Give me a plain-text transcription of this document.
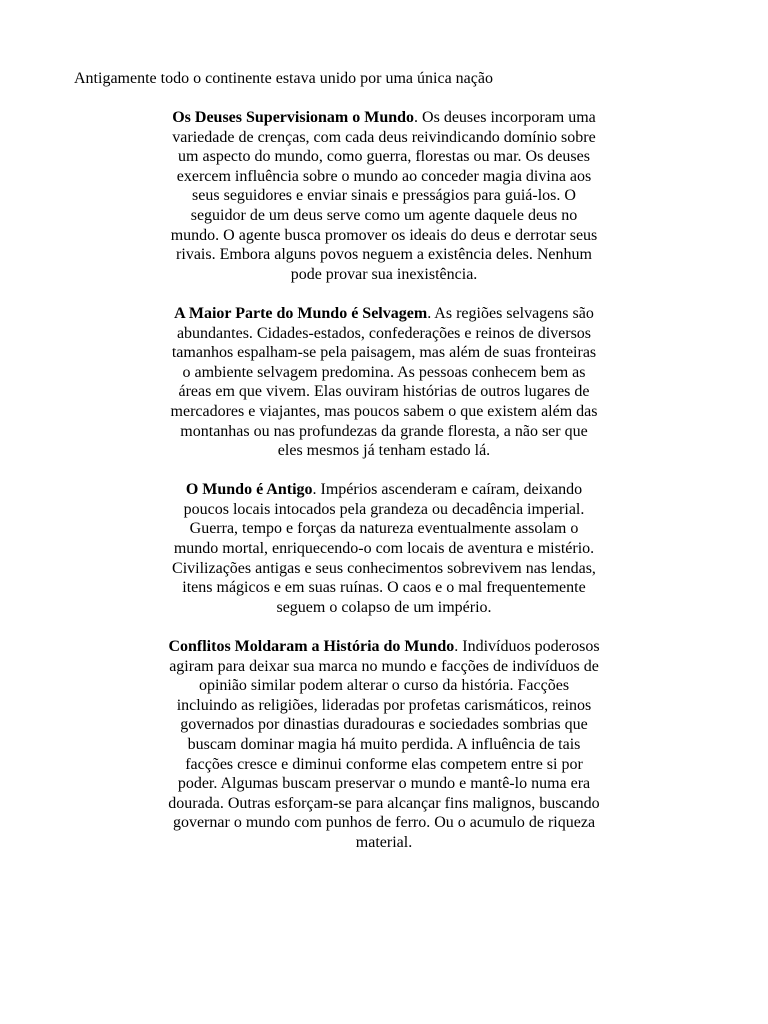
Antigamente todo o continente estava unido por uma única nação

Os Deuses Supervisionam o Mundo. Os deuses incorporam uma variedade de crenças, com cada deus reivindicando domínio sobre um aspecto do mundo, como guerra, florestas ou mar. Os deuses exercem influência sobre o mundo ao conceder magia divina aos seus seguidores e enviar sinais e presságios para guiá-los. O seguidor de um deus serve como um agente daquele deus no mundo. O agente busca promover os ideais do deus e derrotar seus rivais. Embora alguns povos neguem a existência deles. Nenhum pode provar sua inexistência.

A Maior Parte do Mundo é Selvagem. As regiões selvagens são abundantes. Cidades-estados, confederações e reinos de diversos tamanhos espalham-se pela paisagem, mas além de suas fronteiras o ambiente selvagem predomina. As pessoas conhecem bem as áreas em que vivem. Elas ouviram histórias de outros lugares de mercadores e viajantes, mas poucos sabem o que existem além das montanhas ou nas profundezas da grande floresta, a não ser que eles mesmos já tenham estado lá.

O Mundo é Antigo. Impérios ascenderam e caíram, deixando poucos locais intocados pela grandeza ou decadência imperial. Guerra, tempo e forças da natureza eventualmente assolam o mundo mortal, enriquecendo-o com locais de aventura e mistério. Civilizações antigas e seus conhecimentos sobrevivem nas lendas, itens mágicos e em suas ruínas. O caos e o mal frequentemente seguem o colapso de um império.

Conflitos Moldaram a História do Mundo. Indivíduos poderosos agiram para deixar sua marca no mundo e facções de indivíduos de opinião similar podem alterar o curso da história. Facções incluindo as religiões, lideradas por profetas carismáticos, reinos governados por dinastias duradouras e sociedades sombrias que buscam dominar magia há muito perdida. A influência de tais facções cresce e diminui conforme elas competem entre si por poder. Algumas buscam preservar o mundo e mantê-lo numa era dourada. Outras esforçam-se para alcançar fins malignos, buscando governar o mundo com punhos de ferro. Ou o acumulo de riqueza material.
